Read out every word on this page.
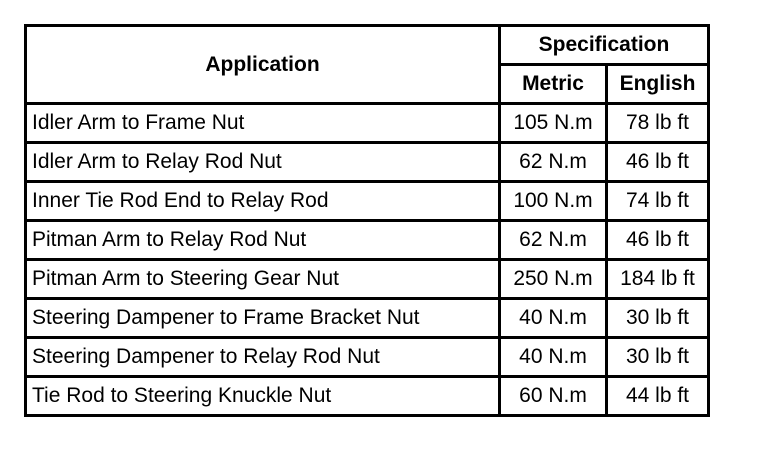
Application	Specification	
	Metric	English
Idler Arm to Frame Nut	105 N.m	78 lb ft
Idler Arm to Relay Rod Nut	62 N.m	46 lb ft
Inner Tie Rod End to Relay Rod	100 N.m	74 lb ft
Pitman Arm to Relay Rod Nut	62 N.m	46 lb ft
Pitman Arm to Steering Gear Nut	250 N.m	184 lb ft
Steering Dampener to Frame Bracket Nut	40 N.m	30 lb ft
Steering Dampener to Relay Rod Nut	40 N.m	30 lb ft
Tie Rod to Steering Knuckle Nut	60 N.m	44 lb ft
